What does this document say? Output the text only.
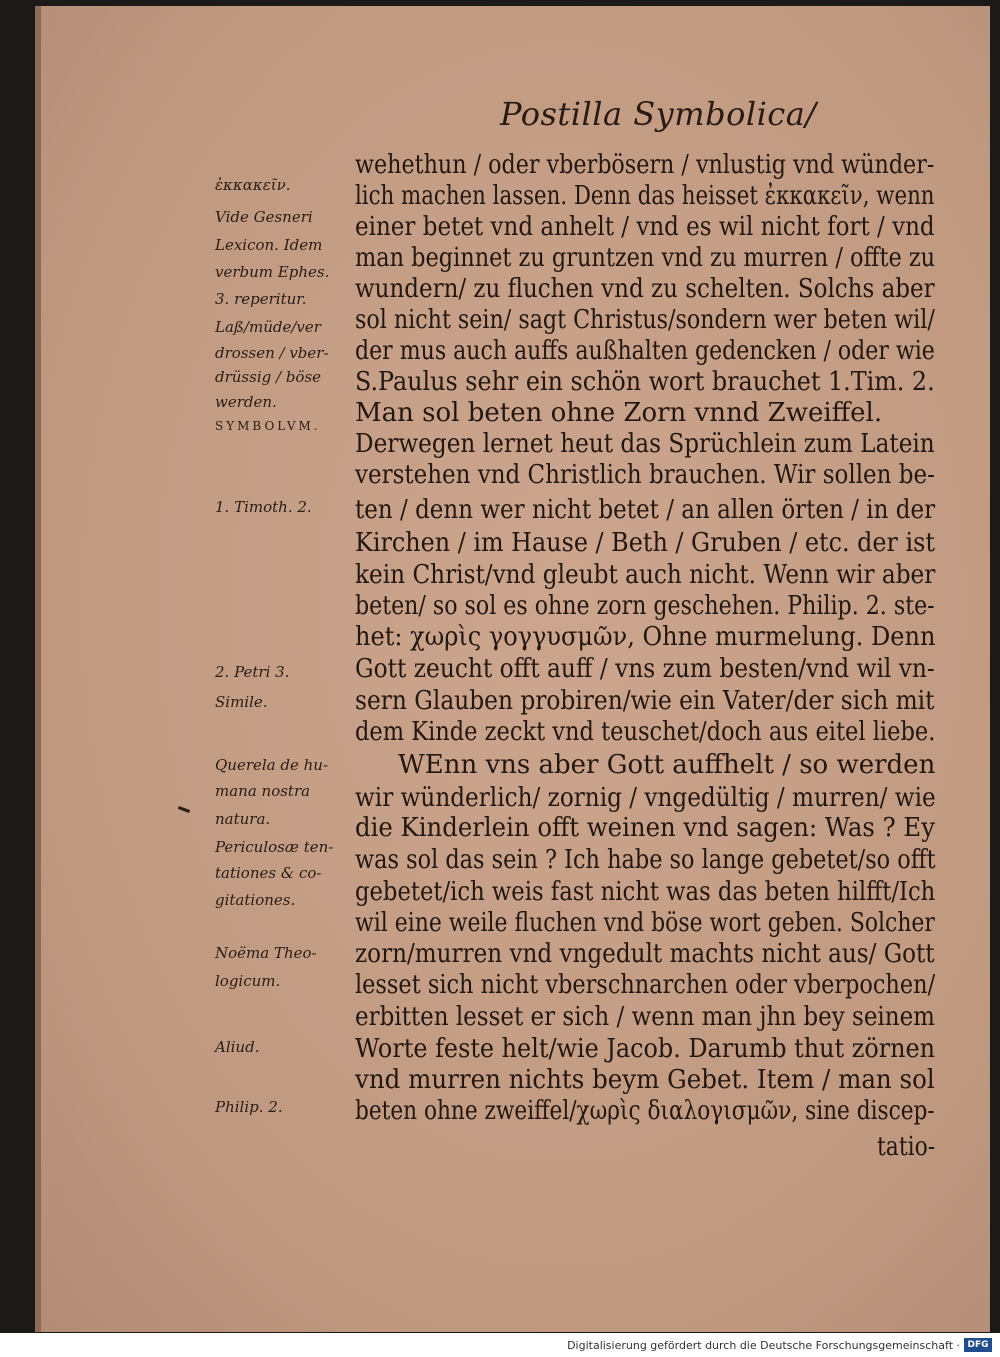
Postilla Symbolica/
ἐκκακεῖν.
Vide Gesneri
Lexicon. Idem
verbum Ephes.
3. reperitur.
Laß/müde/ver
drossen / vber-
drüssig / böse
werden.
SYMBOLVM.
1. Timoth. 2.
2. Petri 3.
Simile.
Querela de hu-
mana nostra
natura.
Periculosæ ten-
tationes & co-
gitationes.
Noëma Theo-
logicum.
Aliud.
Philip. 2.
wehethun / oder vberbösern / vnlustig vnd wünder-
lich machen lassen. Denn das heisset ἐκκακεῖν, wenn
einer betet vnd anhelt / vnd es wil nicht fort / vnd
man beginnet zu gruntzen vnd zu murren / offte zu
wundern/ zu fluchen vnd zu schelten. Solchs aber
sol nicht sein/ sagt Christus/sondern wer beten wil/
der mus auch auffs außhalten gedencken / oder wie
S.Paulus sehr ein schön wort brauchet 1.Tim. 2.
Man sol beten ohne Zorn vnnd Zweiffel.
Derwegen lernet heut das Sprüchlein zum Latein
verstehen vnd Christlich brauchen. Wir sollen be-
ten / denn wer nicht betet / an allen örten / in der
Kirchen / im Hause / Beth / Gruben / etc. der ist
kein Christ/vnd gleubt auch nicht. Wenn wir aber
beten/ so sol es ohne zorn geschehen. Philip. 2. ste-
het: χωρὶς γογγυσμῶν, Ohne murmelung. Denn
Gott zeucht offt auff / vns zum besten/vnd wil vn-
sern Glauben probiren/wie ein Vater/der sich mit
dem Kinde zeckt vnd teuschet/doch aus eitel liebe.
WEnn vns aber Gott auffhelt / so werden
wir wünderlich/ zornig / vngedültig / murren/ wie
die Kinderlein offt weinen vnd sagen: Was ? Ey
was sol das sein ? Ich habe so lange gebetet/so offt
gebetet/ich weis fast nicht was das beten hilfft/Ich
wil eine weile fluchen vnd böse wort geben. Solcher
zorn/murren vnd vngedult machts nicht aus/ Gott
lesset sich nicht vberschnarchen oder vberpochen/
erbitten lesset er sich / wenn man jhn bey seinem
Worte feste helt/wie Jacob. Darumb thut zörnen
vnd murren nichts beym Gebet. Item / man sol
beten ohne zweiffel/χωρὶς διαλογισμῶν, sine discep-
tatio-
Digitalisierung gefördert durch die Deutsche Forschungsgemeinschaft · DFG
